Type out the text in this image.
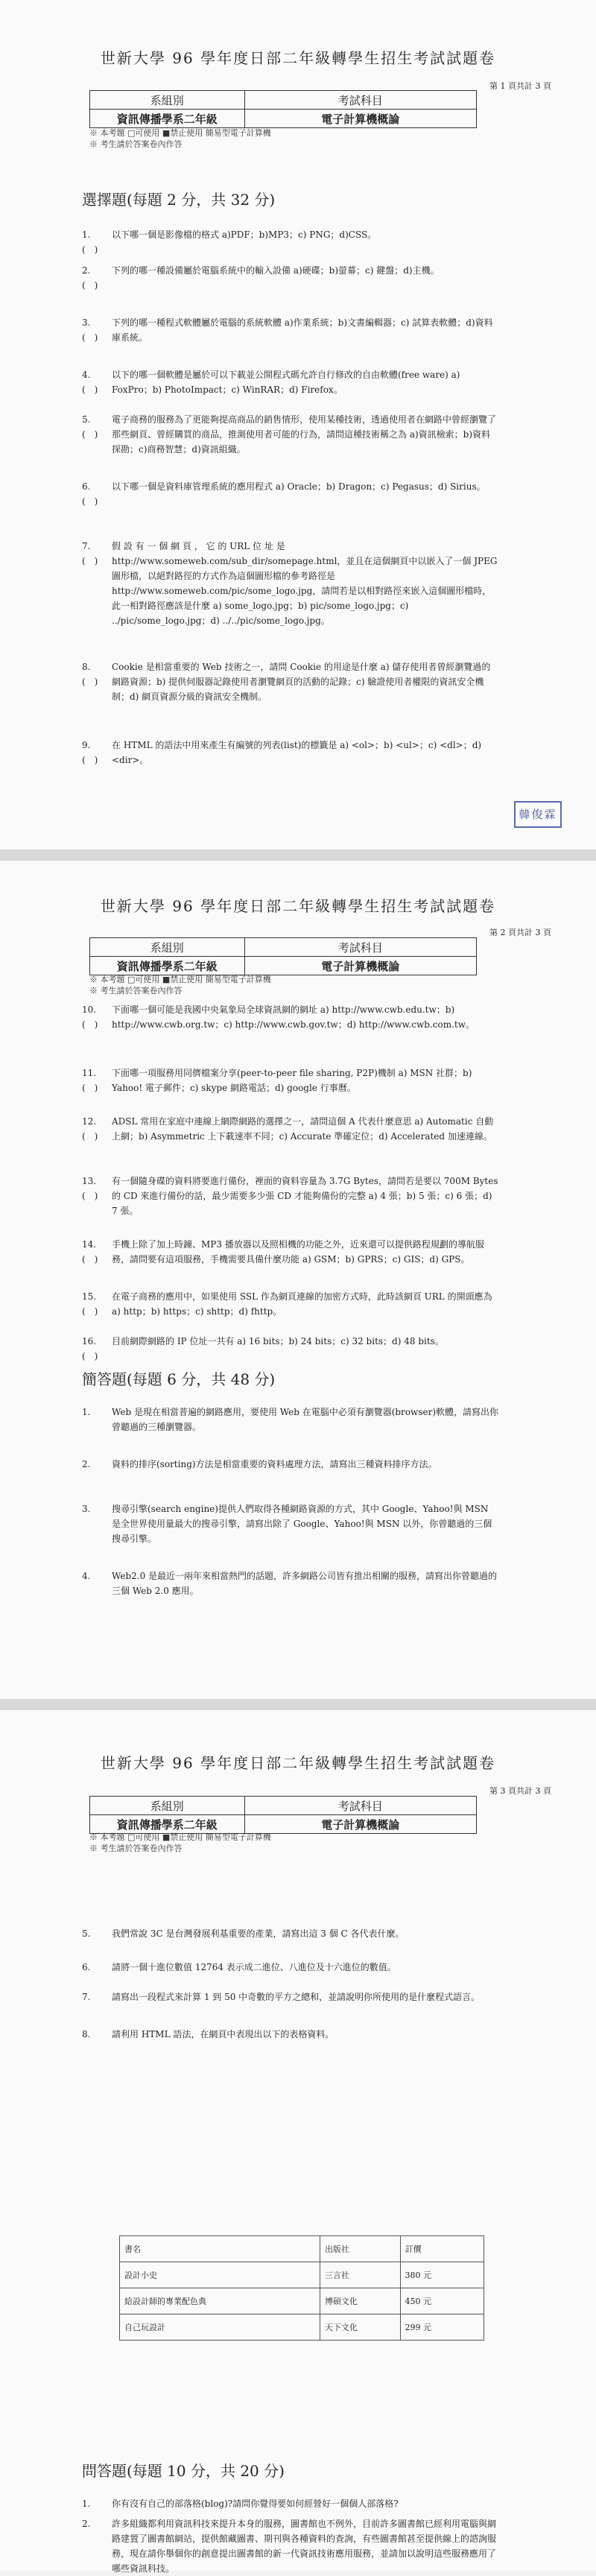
世新大學 96 學年度日部二年級轉學生招生考試試題卷
第 1 頁共計 3 頁
系組別	考試科目
資訊傳播學系二年級	電子計算機概論
※ 本考題 □可使用 ■禁止使用 簡易型電子計算機
※ 考生請於答案卷內作答
選擇題(每題 2 分，共 32 分)
1.(　)
以下哪一個是影像檔的格式 a)PDF；b)MP3；c) PNG；d)CSS。
2.(　)
下列的哪一種設備屬於電腦系統中的輸入設備 a)硬碟；b)螢幕；c) 鍵盤；d)主機。
3.(　)
下列的哪一種程式軟體屬於電腦的系統軟體 a)作業系統；b)文書編輯器；c) 試算表軟體；d)資料庫系統。
4.(　)
以下的哪一個軟體是屬於可以下載並公開程式碼允許自行修改的自由軟體(free ware) a) FoxPro；b) PhotoImpact；c) WinRAR；d) Firefox。
5.(　)
電子商務的服務為了更能夠提高商品的銷售情形，使用某種技術，透過使用者在網路中曾經瀏覽了那些網頁、曾經購買的商品，推測使用者可能的行為，請問這種技術稱之為 a)資訊檢索；b)資料探勘；c)商務智慧；d)資訊組織。
6.(　)
以下哪一個是資料庫管理系統的應用程式 a) Oracle；b) Dragon；c) Pegasus；d) Sirius。
7.(　)
假 設 有 一 個 網 頁 ， 它 的 URL 位 址 是 http://www.someweb.com/sub_dir/somepage.html，並且在這個網頁中以嵌入了一個 JPEG 圖形檔，以絕對路徑的方式作為這個圖形檔的參考路徑是 http://www.someweb.com/pic/some_logo.jpg，請問若是以相對路徑來嵌入這個圖形檔時，此一相對路徑應該是什麼 a) some_logo.jpg；b) pic/some_logo.jpg；c) ../pic/some_logo.jpg；d) ../../pic/some_logo.jpg。
8.(　)
Cookie 是相當重要的 Web 技術之一，請問 Cookie 的用途是什麼 a) 儲存使用者曾經瀏覽過的網路資源；b) 提供伺服器記錄使用者瀏覽網頁的活動的記錄；c) 驗證使用者權限的資訊安全機制；d) 網頁資源分級的資訊安全機制。
9.(　)
在 HTML 的語法中用來產生有編號的列表(list)的標籤是 a) <ol>；b) <ul>；c) <dl>；d) <dir>。
韓俊霖
世新大學 96 學年度日部二年級轉學生招生考試試題卷
第 2 頁共計 3 頁
系組別	考試科目
資訊傳播學系二年級	電子計算機概論
※ 本考題 □可使用 ■禁止使用 簡易型電子計算機
※ 考生請於答案卷內作答
10.(　)
下面哪一個可能是我國中央氣象局全球資訊網的網址 a) http://www.cwb.edu.tw；b) http://www.cwb.org.tw；c) http://www.cwb.gov.tw；d) http://www.cwb.com.tw。
11.(　)
下面哪一項服務用同儕檔案分享(peer-to-peer file sharing, P2P)機制 a) MSN 社群；b) Yahoo! 電子郵件；c) skype 網路電話；d) google 行事曆。
12.(　)
ADSL 常用在家庭中連線上網際網路的選擇之一，請問這個 A 代表什麼意思 a) Automatic 自動上網；b) Asymmetric 上下載速率不同；c) Accurate 準確定位；d) Accelerated 加速連線。
13.(　)
有一個隨身碟的資料將要進行備份，裡面的資料容量為 3.7G Bytes，請問若是要以 700M Bytes 的 CD 來進行備份的話，最少需要多少張 CD 才能夠備份的完整 a) 4 張；b) 5 張；c) 6 張；d) 7 張。
14.(　)
手機上除了加上時鐘、MP3 播放器以及照相機的功能之外，近來還可以提供路程規劃的導航服務，請問要有這項服務，手機需要具備什麼功能 a) GSM；b) GPRS；c) GIS；d) GPS。
15.(　)
在電子商務的應用中，如果使用 SSL 作為網頁連線的加密方式時，此時該網頁 URL 的開頭應為 a) http；b) https；c) shttp；d) fhttp。
16.(　)
目前網際網路的 IP 位址一共有 a) 16 bits；b) 24 bits；c) 32 bits；d) 48 bits。
簡答題(每題 6 分，共 48 分)
1.	Web 是現在相當普遍的網路應用，要使用 Web 在電腦中必須有瀏覽器(browser)軟體，請寫出你曾聽過的三種瀏覽器。
2.	資料的排序(sorting)方法是相當重要的資料處理方法，請寫出三種資料排序方法。
3.	搜尋引擎(search engine)提供人們取得各種網路資源的方式，其中 Google、Yahoo!與 MSN 是全世界使用量最大的搜尋引擎，請寫出除了 Google、Yahoo!與 MSN 以外，你曾聽過的三個搜尋引擎。
4.	Web2.0 是最近一兩年來相當熱門的話題，許多網路公司皆有推出相關的服務，請寫出你曾聽過的三個 Web 2.0 應用。
世新大學 96 學年度日部二年級轉學生招生考試試題卷
第 3 頁共計 3 頁
系組別	考試科目
資訊傳播學系二年級	電子計算機概論
※ 本考題 □可使用 ■禁止使用 簡易型電子計算機
※ 考生請於答案卷內作答
5.	我們常說 3C 是台灣發展利基重要的產業，請寫出這 3 個 C 各代表什麼。
6.	請將一個十進位數值 12764 表示成二進位、八進位及十六進位的數值。
7.	請寫出一段程式來計算 1 到 50 中奇數的平方之總和，並請說明你所使用的是什麼程式語言。
8.	請利用 HTML 語法，在網頁中表現出以下的表格資料。
問答題(每題 10 分，共 20 分)
1.	你有沒有自己的部落格(blog)?請問你覺得要如何經營好一個個人部落格?
2.	許多組織都利用資訊科技來提升本身的服務，圖書館也不例外，目前許多圖書館已經利用電腦與網路建置了圖書館網站，提供館藏圖書、期刊與各種資料的查詢，有些圖書館甚至提供線上的諮詢服務，現在請你舉個你的創意提出圖書館的新一代資訊技術應用服務，並請加以說明這些服務應用了哪些資訊科技。
書名	出版社	訂價
設計小史	三言社	380 元
給設計師的專業配色典	博碩文化	450 元
自己玩設計	天下文化	299 元
